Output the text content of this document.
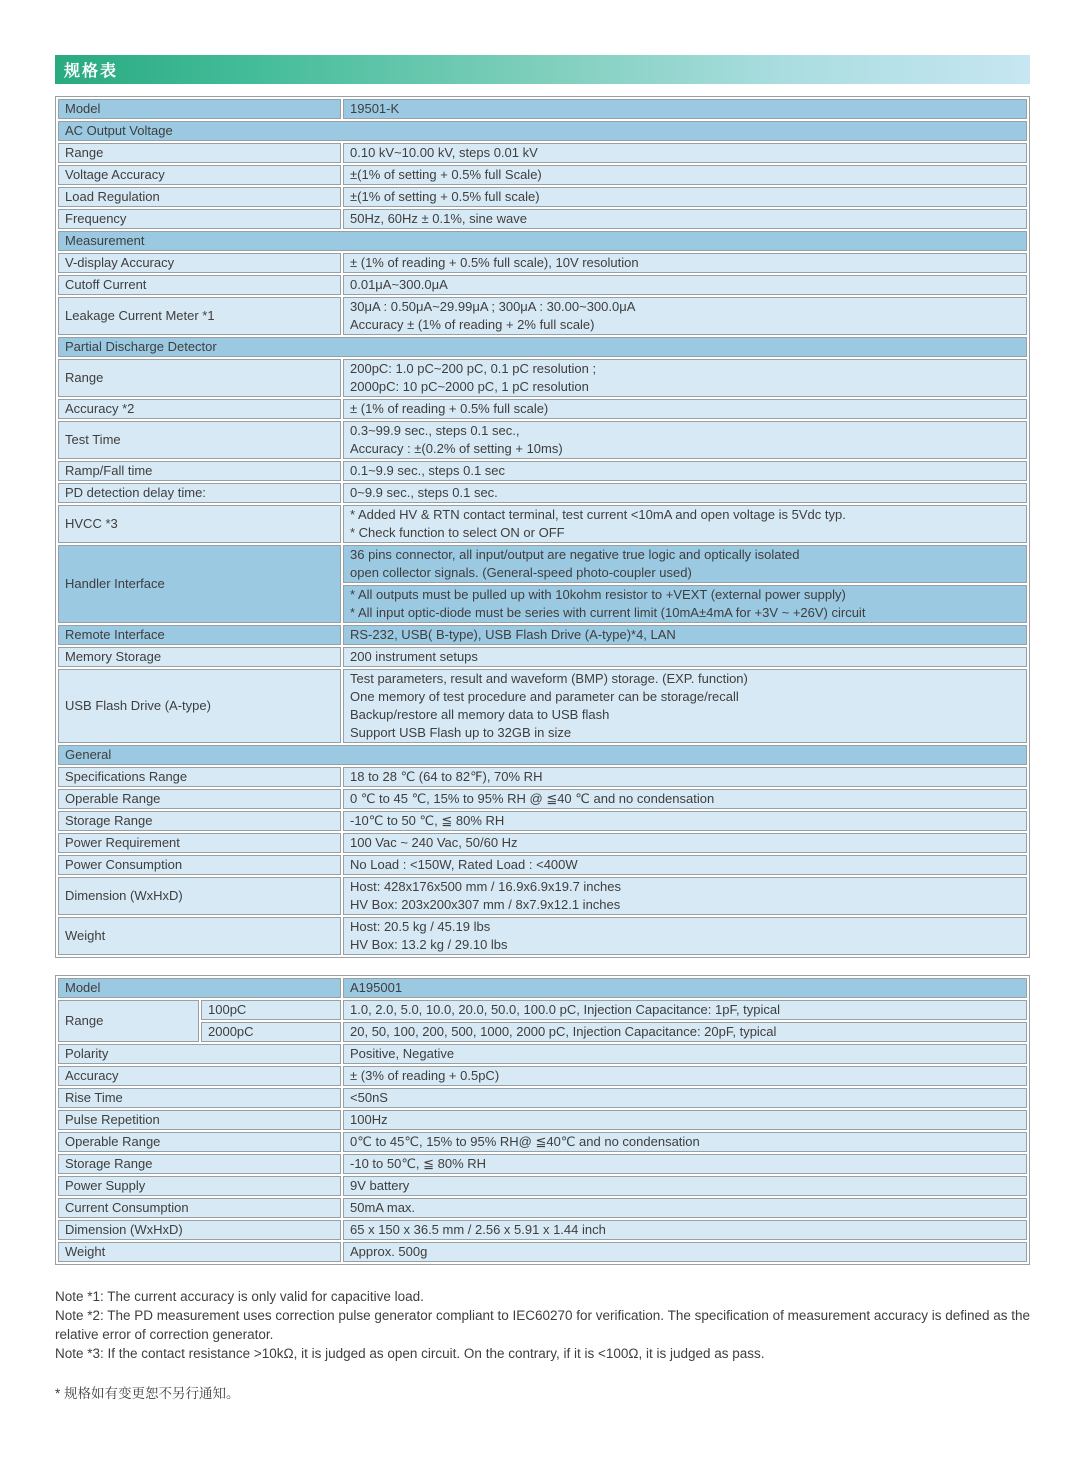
规格表
Model	19501-K
AC Output Voltage	
Range	0.10 kV~10.00 kV, steps 0.01 kV
Voltage Accuracy	±(1% of setting + 0.5% full Scale)
Load Regulation	±(1% of setting + 0.5% full scale)
Frequency	50Hz, 60Hz ± 0.1%, sine wave
Measurement	
V-display Accuracy	± (1% of reading + 0.5% full scale), 10V resolution
Cutoff Current	0.01μA~300.0μA
Leakage Current Meter *1	30μA : 0.50μA~29.99μA ; 300μA : 30.00~300.0μA
Accuracy ± (1% of reading + 2% full scale)

Partial Discharge Detector	
Range	200pC: 1.0 pC~200 pC, 0.1 pC resolution ;
2000pC: 10 pC~2000 pC, 1 pC resolution

Accuracy *2	± (1% of reading + 0.5% full scale)
Test Time	0.3~99.9 sec., steps 0.1 sec.,
Accuracy : ±(0.2% of setting + 10ms)

Ramp/Fall time	0.1~9.9 sec., steps 0.1 sec
PD detection delay time:	0~9.9 sec., steps 0.1 sec.
HVCC *3	* Added HV & RTN contact terminal, test current <10mA and open voltage is 5Vdc typ.
* Check function to select ON or OFF

Handler Interface	36 pins connector, all input/output are negative true logic and optically isolated
open collector signals. (General-speed photo-coupler used)

	* All outputs must be pulled up with 10kohm resistor to +VEXT (external power supply)
* All input optic-diode must be series with current limit (10mA±4mA for +3V ~ +26V) circuit

Remote Interface	RS-232, USB( B-type), USB Flash Drive (A-type)*4, LAN
Memory Storage	200 instrument setups
USB Flash Drive (A-type)	Test parameters, result and waveform (BMP) storage. (EXP. function)
One memory of test procedure and parameter can be storage/recall
Backup/restore all memory data to USB flash
Support USB Flash up to 32GB in size

General	
Specifications Range	18 to 28 ℃ (64 to 82℉), 70% RH
Operable Range	0 ℃ to 45 ℃, 15% to 95% RH @ ≦40 ℃ and no condensation
Storage Range	-10℃ to 50 ℃, ≦ 80% RH
Power Requirement	100 Vac ~ 240 Vac, 50/60 Hz
Power Consumption	No Load : <150W, Rated Load : <400W
Dimension (WxHxD)	Host: 428x176x500 mm / 16.9x6.9x19.7 inches
HV Box: 203x200x307 mm / 8x7.9x12.1 inches

Weight	Host: 20.5 kg / 45.19 lbs
HV Box: 13.2 kg / 29.10 lbs
Model		A195001
Range	100pC	1.0, 2.0, 5.0, 10.0, 20.0, 50.0, 100.0 pC, Injection Capacitance: 1pF, typical
	2000pC	20, 50, 100, 200, 500, 1000, 2000 pC, Injection Capacitance: 20pF, typical
Polarity		Positive, Negative
Accuracy		± (3% of reading + 0.5pC)
Rise Time		<50nS
Pulse Repetition		100Hz
Operable Range		0℃ to 45℃, 15% to 95% RH@ ≦40℃ and no condensation
Storage Range		-10 to 50℃, ≦ 80% RH
Power Supply		9V battery
Current Consumption		50mA max.
Dimension (WxHxD)		65 x 150 x 36.5 mm / 2.56 x 5.91 x 1.44 inch
Weight		Approx. 500g

Note *1: The current accuracy is only valid for capacitive load.

Note *2: The PD measurement uses correction pulse generator compliant to IEC60270 for verification. The specification of measurement accuracy is defined as the relative error of correction generator.

Note *3: If the contact resistance >10kΩ, it is judged as open circuit. On the contrary, if it is <100Ω, it is judged as pass.

* 规格如有变更恕不另行通知。
